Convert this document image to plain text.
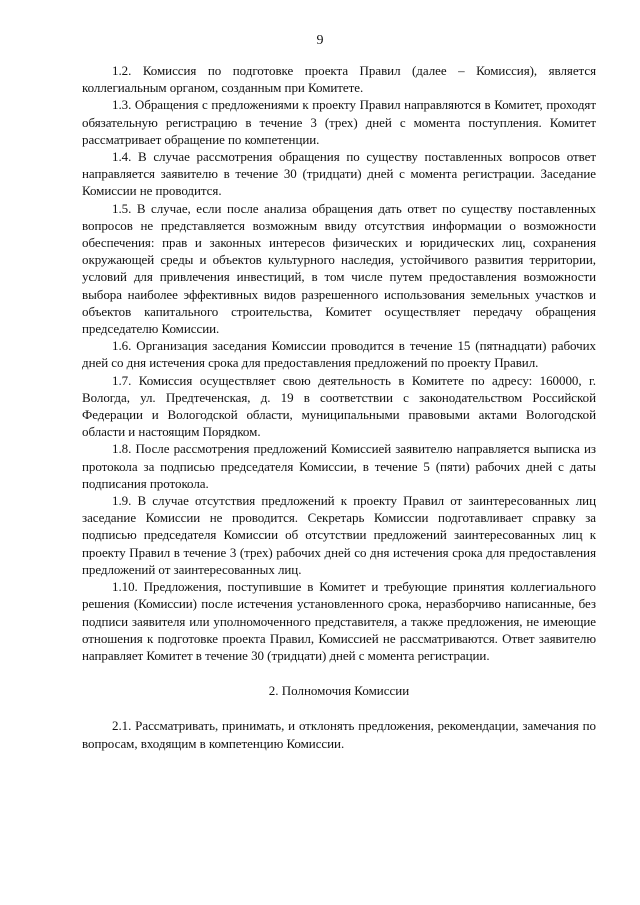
9

1.2. Комиссия по подготовке проекта Правил (далее – Комиссия), является коллегиальным органом, созданным при Комитете.

1.3. Обращения с предложениями к проекту Правил направляются в Комитет, проходят обязательную регистрацию в течение 3 (трех) дней с момента поступления. Комитет рассматривает обращение по компетенции.

1.4. В случае рассмотрения обращения по существу поставленных вопросов ответ направляется заявителю в течение 30 (тридцати) дней с момента регистрации. Заседание Комиссии не проводится.

1.5. В случае, если после анализа обращения дать ответ по существу поставленных вопросов не представляется возможным ввиду отсутствия информации о возможности обеспечения: прав и законных интересов физических и юридических лиц, сохранения окружающей среды и объектов культурного наследия, устойчивого развития территории, условий для привлечения инвестиций, в том числе путем предоставления возможности выбора наиболее эффективных видов разрешенного использования земельных участков и объектов капитального строительства, Комитет осуществляет передачу обращения председателю Комиссии.

1.6. Организация заседания Комиссии проводится в течение 15 (пятнадцати) рабочих дней со дня истечения срока для предоставления предложений по проекту Правил.

1.7. Комиссия осуществляет свою деятельность в Комитете по адресу: 160000, г. Вологда, ул. Предтеченская, д. 19 в соответствии с законодательством Российской Федерации и Вологодской области, муниципальными правовыми актами Вологодской области и настоящим Порядком.

1.8. После рассмотрения предложений Комиссией заявителю направляется выписка из протокола за подписью председателя Комиссии, в течение 5 (пяти) рабочих дней с даты подписания протокола.

1.9. В случае отсутствия предложений к проекту Правил от заинтересованных лиц заседание Комиссии не проводится. Секретарь Комиссии подготавливает справку за подписью председателя Комиссии об отсутствии предложений заинтересованных лиц к проекту Правил в течение 3 (трех) рабочих дней со дня истечения срока для предоставления предложений от заинтересованных лиц.

1.10. Предложения, поступившие в Комитет и требующие принятия коллегиального решения (Комиссии) после истечения установленного срока, неразборчиво написанные, без подписи заявителя или уполномоченного представителя, а также предложения, не имеющие отношения к подготовке проекта Правил, Комиссией не рассматриваются. Ответ заявителю направляет Комитет в течение 30 (тридцати) дней с момента регистрации.

2. Полномочия Комиссии

2.1. Рассматривать, принимать, и отклонять предложения, рекомендации, замечания по вопросам, входящим в компетенцию Комиссии.
